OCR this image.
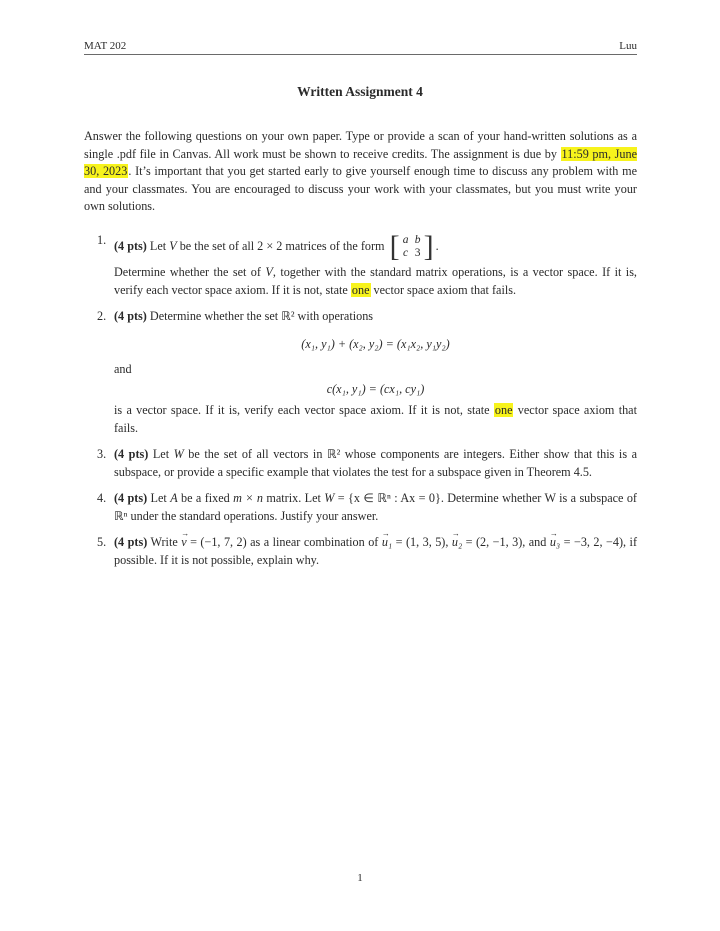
MAT 202	Luu
Written Assignment 4
Answer the following questions on your own paper. Type or provide a scan of your hand-written solutions as a single .pdf file in Canvas. All work must be shown to receive credits. The assignment is due by 11:59 pm, June 30, 2023. It’s important that you get started early to give yourself enough time to discuss any problem with me and your classmates. You are encouraged to discuss your work with your classmates, but you must write your own solutions.
1. (4 pts) Let V be the set of all 2 × 2 matrices of the form [ a b
c 3 ] .
Determine whether the set of V, together with the standard matrix operations, is a vector space. If it is, verify each vector space axiom. If it is not, state one vector space axiom that fails.
2. (4 pts) Determine whether the set ℝ² with operations
(x₁, y₁) + (x₂, y₂) = (x₁x₂, y₁y₂)
and
c(x₁, y₁) = (cx₁, cy₁)
is a vector space. If it is, verify each vector space axiom. If it is not, state one vector space axiom that fails.
3. (4 pts) Let W be the set of all vectors in ℝ² whose components are integers. Either show that this is a subspace, or provide a specific example that violates the test for a subspace given in Theorem 4.5.
4. (4 pts) Let A be a fixed m × n matrix. Let W = {x ∈ ℝⁿ : Ax = 0}. Determine whether W is a subspace of ℝⁿ under the standard operations. Justify your answer.
5. (4 pts) Write → v = (−1, 7, 2) as a linear combination of → u₁ = (1, 3, 5), → u₂ = (2, −1, 3), and → u₃ = −3, 2, −4), if possible. If it is not possible, explain why.
1
